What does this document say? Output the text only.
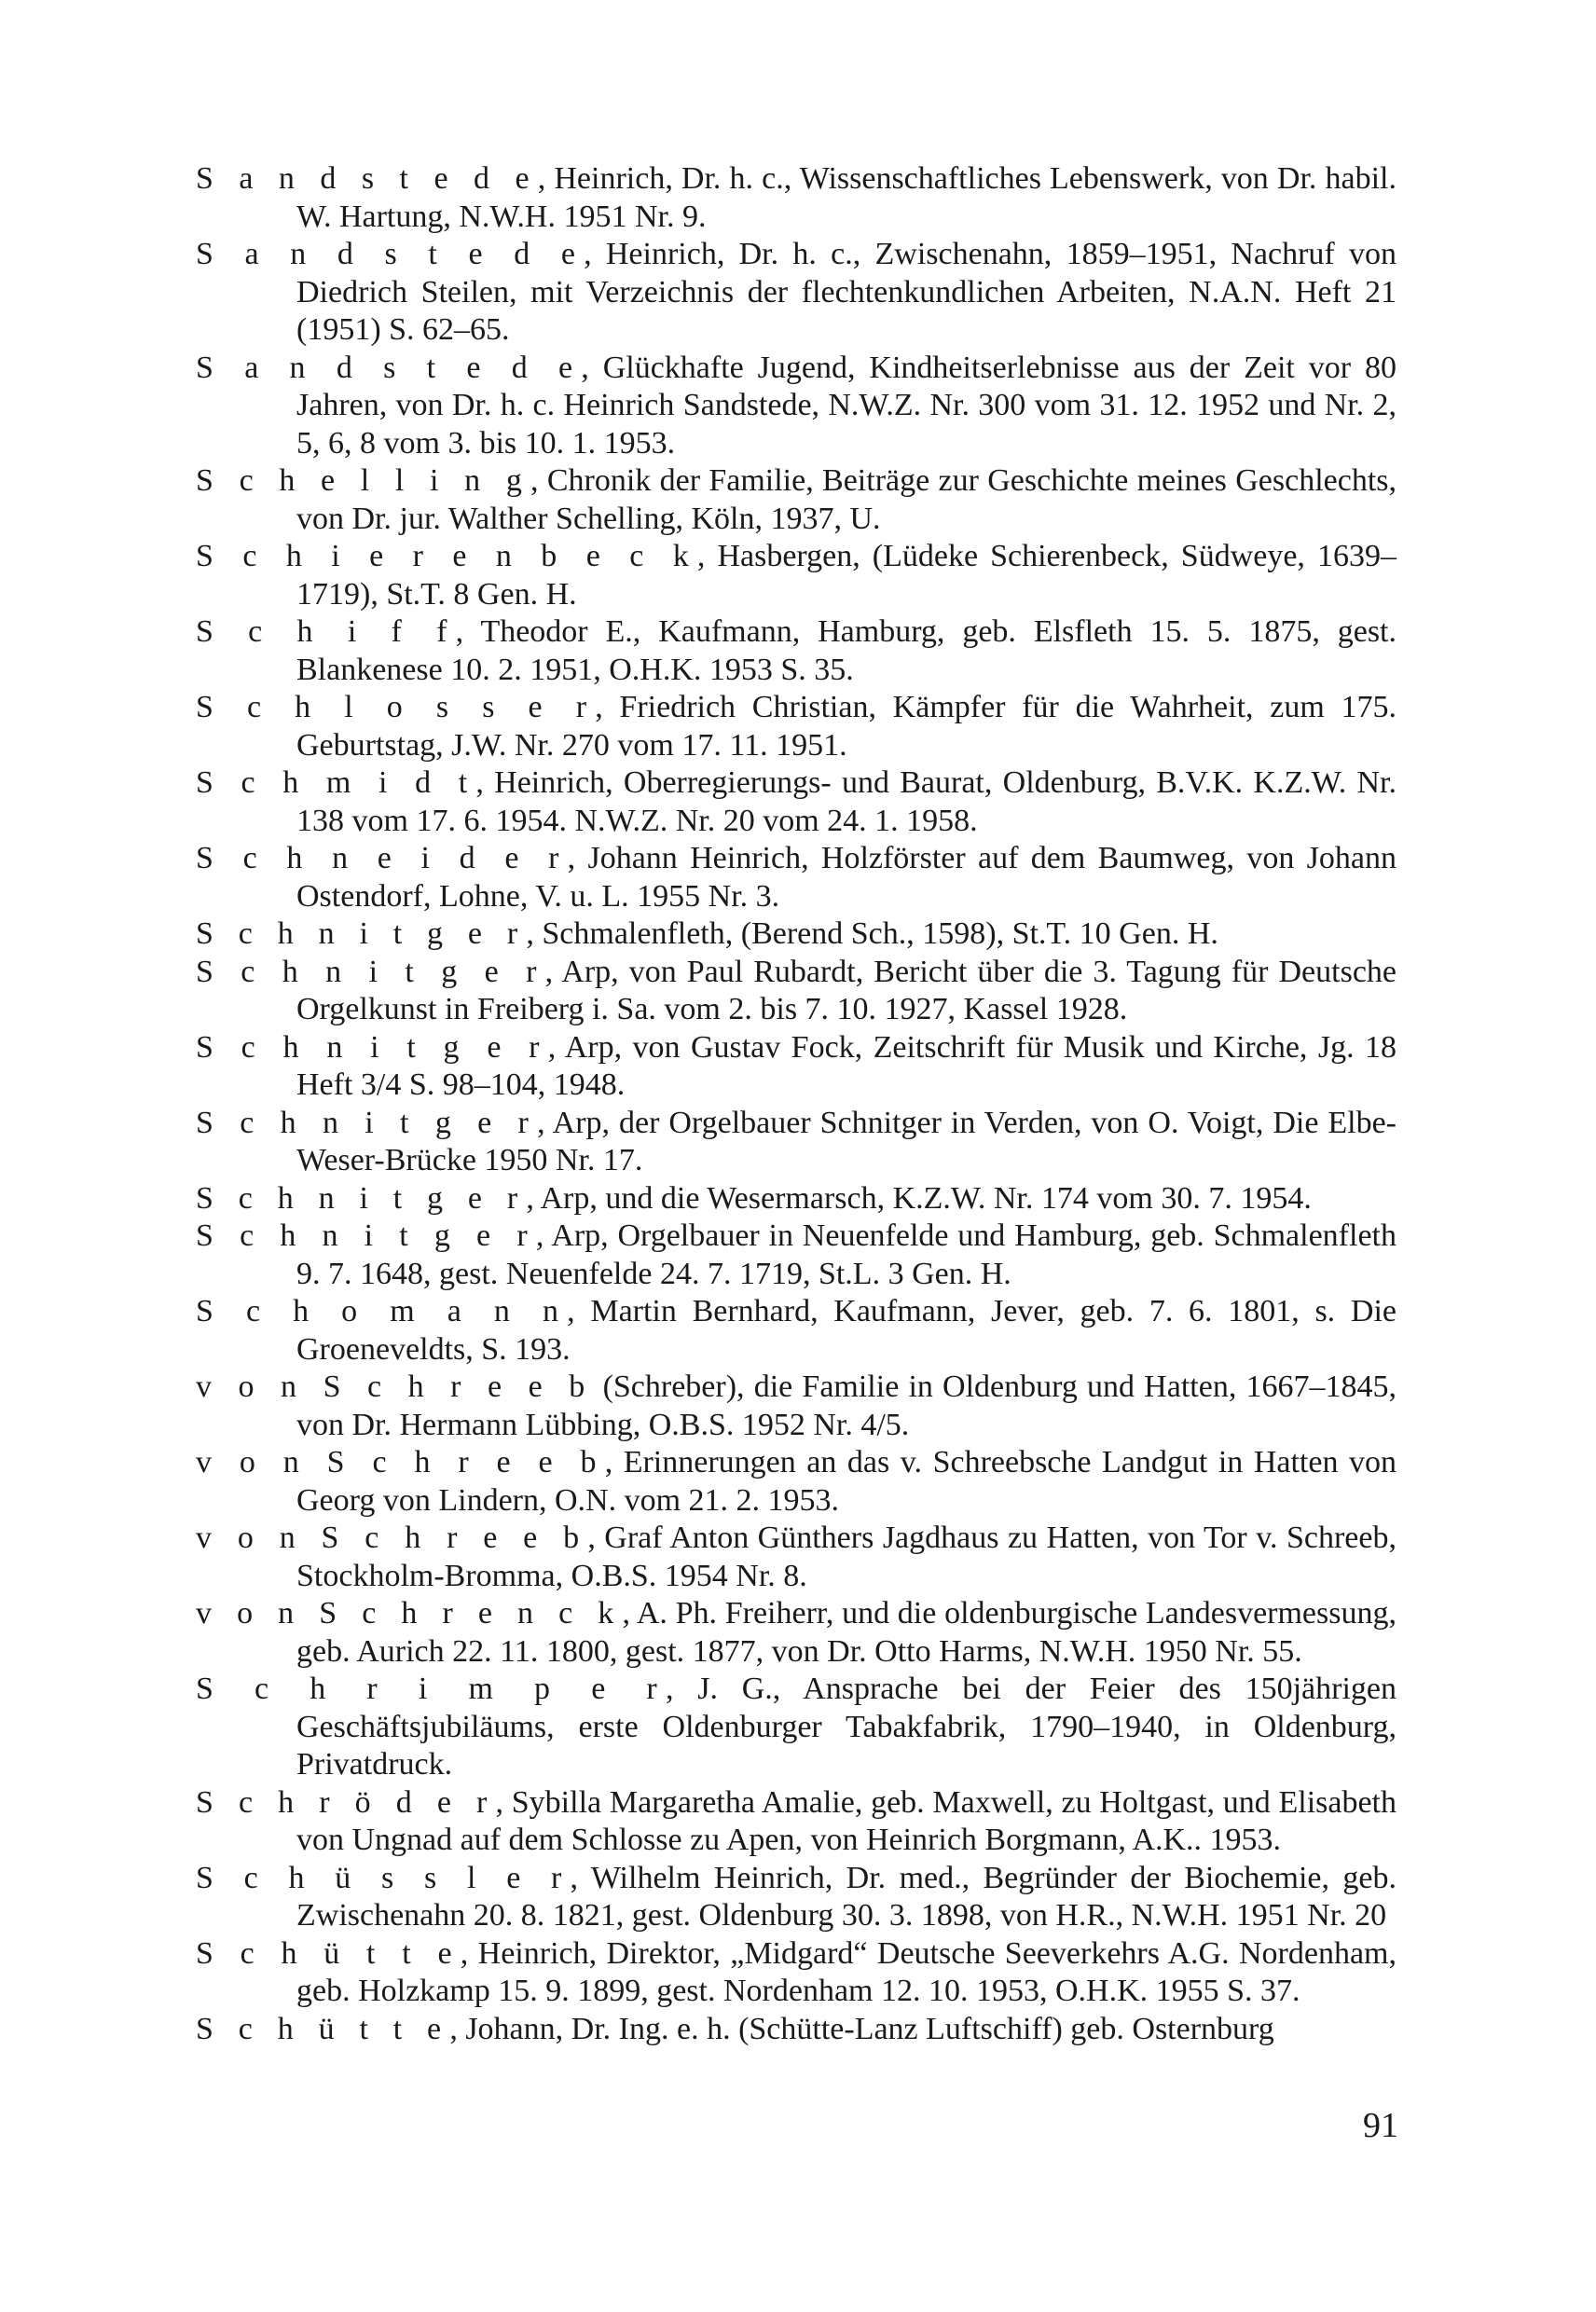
S a n d s t e d e, Heinrich, Dr. h. c., Wissenschaftliches Lebenswerk, von Dr. habil. W. Hartung, N.W.H. 1951 Nr. 9.

S a n d s t e d e, Heinrich, Dr. h. c., Zwischenahn, 1859–1951, Nachruf von Diedrich Steilen, mit Verzeichnis der flechtenkundlichen Arbeiten, N.A.N. Heft 21 (1951) S. 62–65.

S a n d s t e d e, Glückhafte Jugend, Kindheitserlebnisse aus der Zeit vor 80 Jahren, von Dr. h. c. Heinrich Sandstede, N.W.Z. Nr. 300 vom 31. 12. 1952 und Nr. 2, 5, 6, 8 vom 3. bis 10. 1. 1953.

S c h e l l i n g, Chronik der Familie, Beiträge zur Geschichte meines Geschlechts, von Dr. jur. Walther Schelling, Köln, 1937, U.

S c h i e r e n b e c k, Hasbergen, (Lüdeke Schierenbeck, Südweye, 1639–1719), St.T. 8 Gen. H.

S c h i f f, Theodor E., Kaufmann, Hamburg, geb. Elsfleth 15. 5. 1875, gest. Blankenese 10. 2. 1951, O.H.K. 1953 S. 35.

S c h l o s s e r, Friedrich Christian, Kämpfer für die Wahrheit, zum 175. Geburtstag, J.W. Nr. 270 vom 17. 11. 1951.

S c h m i d t, Heinrich, Oberregierungs- und Baurat, Oldenburg, B.V.K. K.Z.W. Nr. 138 vom 17. 6. 1954. N.W.Z. Nr. 20 vom 24. 1. 1958.

S c h n e i d e r, Johann Heinrich, Holzförster auf dem Baumweg, von Johann Ostendorf, Lohne, V. u. L. 1955 Nr. 3.

S c h n i t g e r, Schmalenfleth, (Berend Sch., 1598), St.T. 10 Gen. H.

S c h n i t g e r, Arp, von Paul Rubardt, Bericht über die 3. Tagung für Deutsche Orgelkunst in Freiberg i. Sa. vom 2. bis 7. 10. 1927, Kassel 1928.

S c h n i t g e r, Arp, von Gustav Fock, Zeitschrift für Musik und Kirche, Jg. 18 Heft 3/4 S. 98–104, 1948.

S c h n i t g e r, Arp, der Orgelbauer Schnitger in Verden, von O. Voigt, Die Elbe-Weser-Brücke 1950 Nr. 17.

S c h n i t g e r, Arp, und die Wesermarsch, K.Z.W. Nr. 174 vom 30. 7. 1954.

S c h n i t g e r, Arp, Orgelbauer in Neuenfelde und Hamburg, geb. Schmalenfleth 9. 7. 1648, gest. Neuenfelde 24. 7. 1719, St.L. 3 Gen. H.

S c h o m a n n, Martin Bernhard, Kaufmann, Jever, geb. 7. 6. 1801, s. Die Groeneveldts, S. 193.

v o n S c h r e e b (Schreber), die Familie in Oldenburg und Hatten, 1667–1845, von Dr. Hermann Lübbing, O.B.S. 1952 Nr. 4/5.

v o n S c h r e e b, Erinnerungen an das v. Schreebsche Landgut in Hatten von Georg von Lindern, O.N. vom 21. 2. 1953.

v o n S c h r e e b, Graf Anton Günthers Jagdhaus zu Hatten, von Tor v. Schreeb, Stockholm-Bromma, O.B.S. 1954 Nr. 8.

v o n S c h r e n c k, A. Ph. Freiherr, und die oldenburgische Landesvermessung, geb. Aurich 22. 11. 1800, gest. 1877, von Dr. Otto Harms, N.W.H. 1950 Nr. 55.

S c h r i m p e r, J. G., Ansprache bei der Feier des 150jährigen Geschäftsjubiläums, erste Oldenburger Tabakfabrik, 1790–1940, in Oldenburg, Privatdruck.

S c h r ö d e r, Sybilla Margaretha Amalie, geb. Maxwell, zu Holtgast, und Elisabeth von Ungnad auf dem Schlosse zu Apen, von Heinrich Borgmann, A.K.. 1953.

S c h ü s s l e r, Wilhelm Heinrich, Dr. med., Begründer der Biochemie, geb. Zwischenahn 20. 8. 1821, gest. Oldenburg 30. 3. 1898, von H.R., N.W.H. 1951 Nr. 20

S c h ü t t e, Heinrich, Direktor, „Midgard“ Deutsche Seeverkehrs A.G. Nordenham, geb. Holzkamp 15. 9. 1899, gest. Nordenham 12. 10. 1953, O.H.K. 1955 S. 37.

S c h ü t t e, Johann, Dr. Ing. e. h. (Schütte-Lanz Luftschiff) geb. Osternburg

91
